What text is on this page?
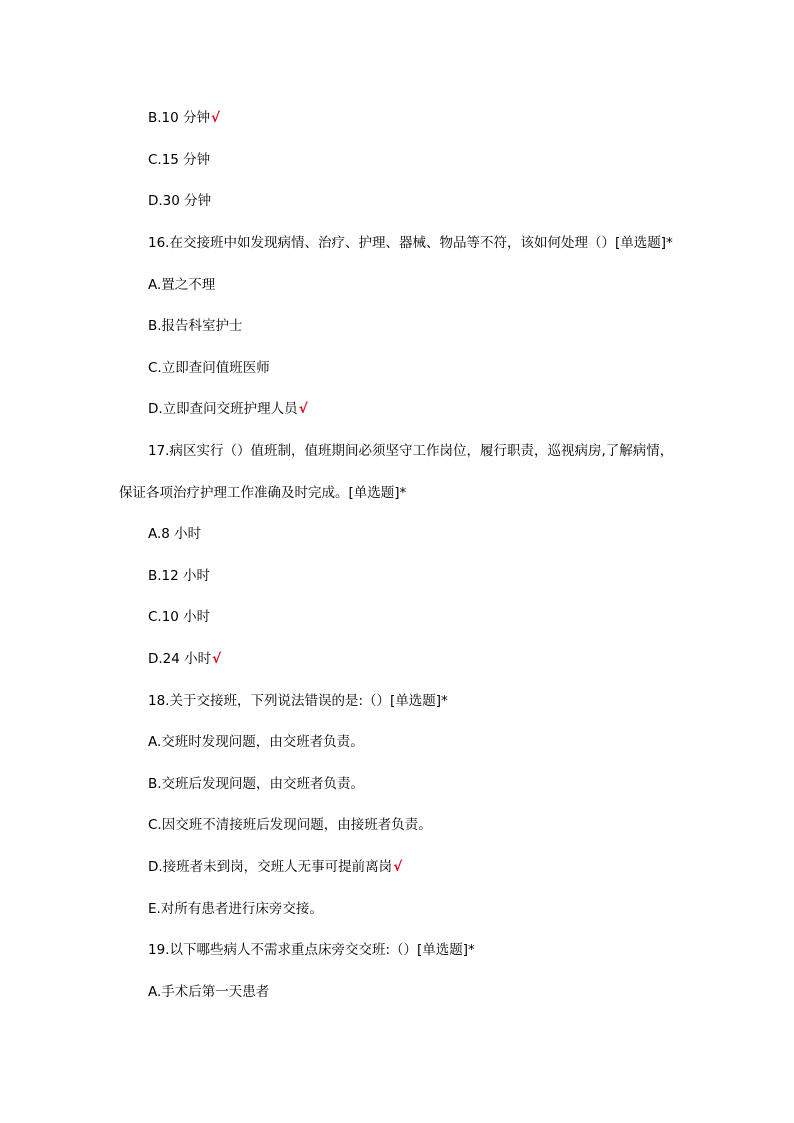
B.10 分钟√
C.15 分钟
D.30 分钟
16.在交接班中如发现病情、治疗、护理、器械、物品等不符，该如何处理（）[单选题]*
A.置之不理
B.报告科室护士
C.立即查问值班医师
D.立即查问交班护理人员√
17.病区实行（）值班制，值班期间必须坚守工作岗位，履行职责，巡视病房,了解病情，
保证各项治疗护理工作准确及时完成。[单选题]*
A.8 小时
B.12 小时
C.10 小时
D.24 小时√
18.关于交接班，下列说法错误的是:（）[单选题]*
A.交班时发现问题，由交班者负责。
B.交班后发现问题，由交班者负责。
C.因交班不清接班后发现问题，由接班者负责。
D.接班者未到岗，交班人无事可提前离岗√
E.对所有患者进行床旁交接。
19.以下哪些病人不需求重点床旁交交班:（）[单选题]*
A.手术后第一天患者
